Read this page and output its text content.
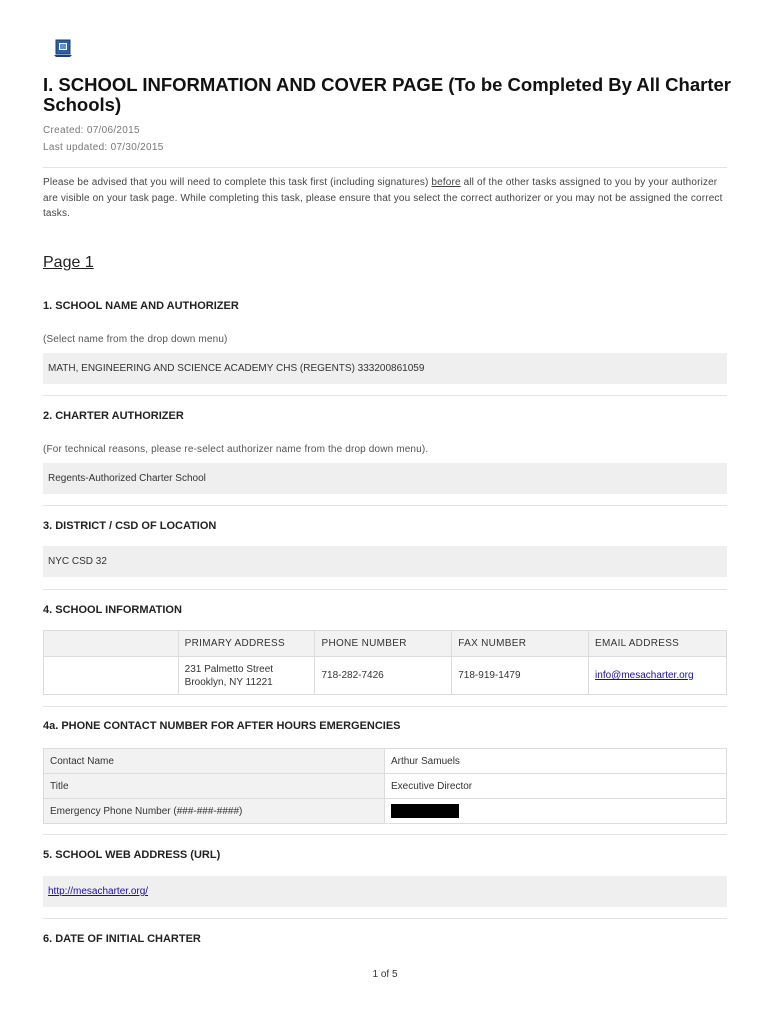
I. SCHOOL INFORMATION AND COVER PAGE (To be Completed By All Charter Schools)
Created: 07/06/2015
Last updated: 07/30/2015
Please be advised that you will need to complete this task first (including signatures) before all of the other tasks assigned to you by your authorizer are visible on your task page. While completing this task, please ensure that you select the correct authorizer or you may not be assigned the correct tasks.
Page 1
1. SCHOOL NAME AND AUTHORIZER
(Select name from the drop down menu)
MATH, ENGINEERING AND SCIENCE ACADEMY CHS (REGENTS) 333200861059
2. CHARTER AUTHORIZER
(For technical reasons, please re-select authorizer name from the drop down menu).
Regents-Authorized Charter School
3. DISTRICT / CSD OF LOCATION
NYC CSD 32
4. SCHOOL INFORMATION
	PRIMARY ADDRESS	PHONE NUMBER	FAX NUMBER	EMAIL ADDRESS

	231 Palmetto Street
Brooklyn, NY 11221	718-282-7426	718-919-1479	info@mesacharter.org
4a. PHONE CONTACT NUMBER FOR AFTER HOURS EMERGENCIES
Contact Name	Arthur Samuels
Title	Executive Director
Emergency Phone Number (###-###-####)	
5. SCHOOL WEB ADDRESS (URL)
http://mesacharter.org/
6. DATE OF INITIAL CHARTER
1 of 5
